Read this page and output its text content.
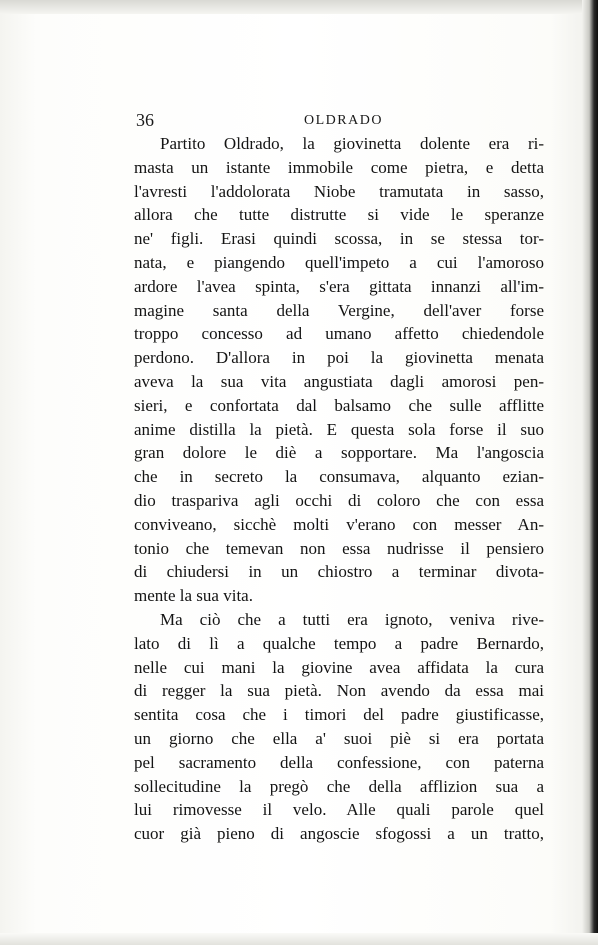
36	OLDRADO
Partito Oldrado, la giovinetta dolente era ri-
masta un istante immobile come pietra, e detta
l'avresti l'addolorata Niobe tramutata in sasso,
allora che tutte distrutte si vide le speranze
ne' figli. Erasi quindi scossa, in se stessa tor-
nata, e piangendo quell'impeto a cui l'amoroso
ardore l'avea spinta, s'era gittata innanzi all'im-
magine santa della Vergine, dell'aver forse
troppo concesso ad umano affetto chiedendole
perdono. D'allora in poi la giovinetta menata
aveva la sua vita angustiata dagli amorosi pen-
sieri, e confortata dal balsamo che sulle afflitte
anime distilla la pietà. E questa sola forse il suo
gran dolore le diè a sopportare. Ma l'angoscia
che in secreto la consumava, alquanto ezian-
dio traspariva agli occhi di coloro che con essa
conviveano, sicchè molti v'erano con messer An-
tonio che temevan non essa nudrisse il pensiero
di chiudersi in un chiostro a terminar divota-
mente la sua vita.
Ma ciò che a tutti era ignoto, veniva rive-
lato di lì a qualche tempo a padre Bernardo,
nelle cui mani la giovine avea affidata la cura
di regger la sua pietà. Non avendo da essa mai
sentita cosa che i timori del padre giustificasse,
un giorno che ella a' suoi piè si era portata
pel sacramento della confessione, con paterna
sollecitudine la pregò che della afflizion sua a
lui rimovesse il velo. Alle quali parole quel
cuor già pieno di angoscie sfogossi a un tratto,
